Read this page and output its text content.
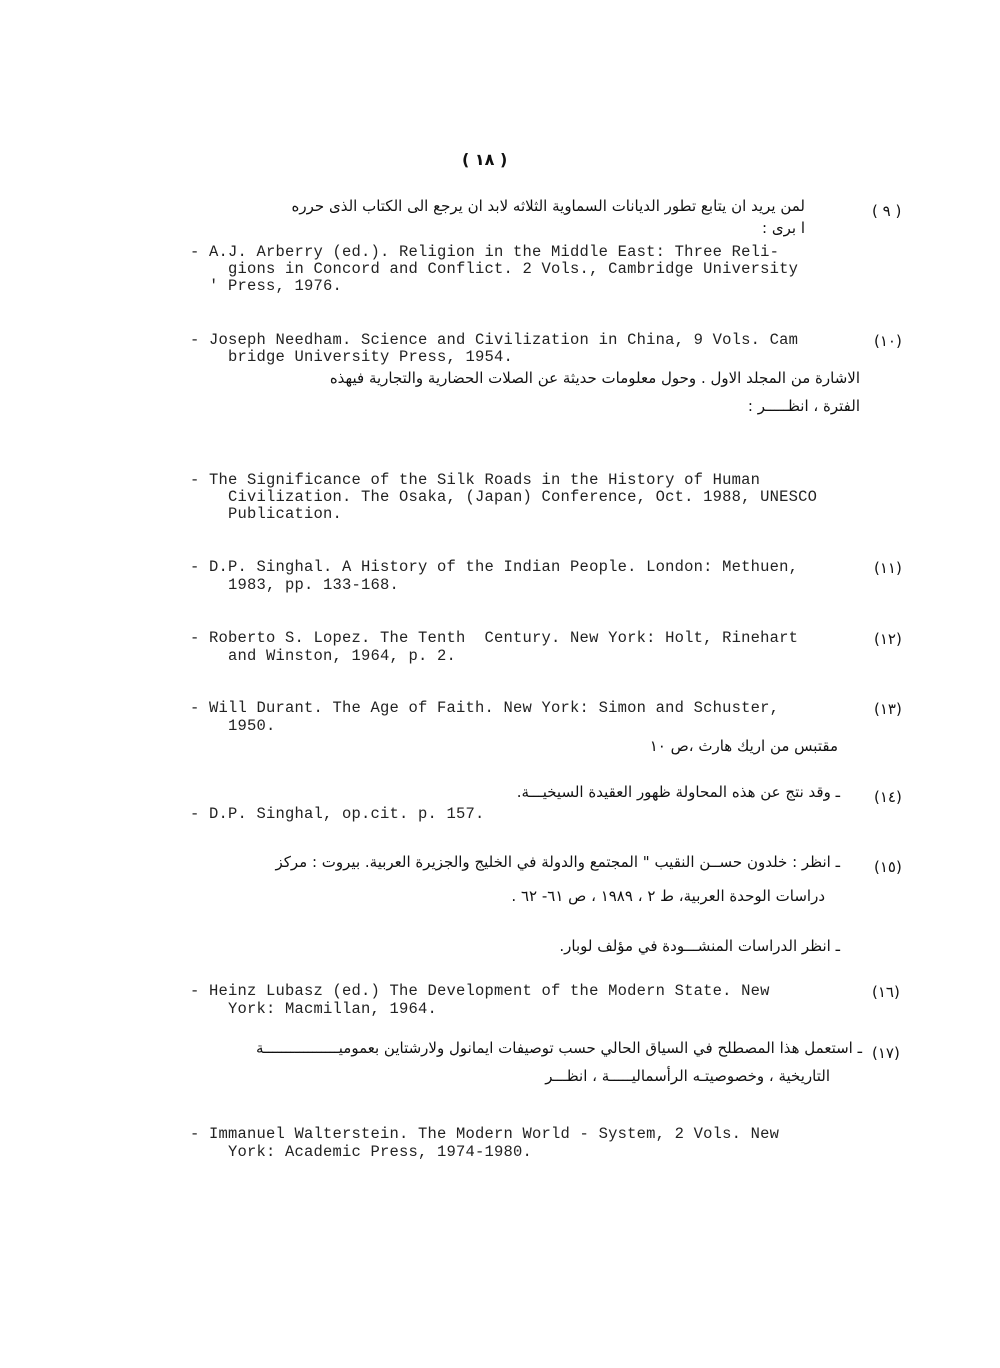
( ١٨ )
( ٩ )
لمن يريد ان يتابع تطور الديانات السماوية الثلاثه لابد ان يرجع الى الكتاب الذى حرره
ا برى :
- A.J. Arberry (ed.). Religion in the Middle East: Three Reli-
gions in Concord and Conflict. 2 Vols., Cambridge University
' Press, 1976.
- Joseph Needham. Science and Civilization in China, 9 Vols. Cam	(١٠)
bridge University Press, 1954.
الاشارة من المجلد الاول . وحول معلومات حديثة عن الصلات الحضارية والتجارية فيهذه
الفترة ، انظـــــر :
- The Significance of the Silk Roads in the History of Human
Civilization. The Osaka, (Japan) Conference, Oct. 1988, UNESCO
Publication.
- D.P. Singhal. A History of the Indian People. London: Methuen,	(١١)
1983, pp. 133-168.
- Roberto S. Lopez. The Tenth  Century. New York: Holt, Rinehart	(١٢)
and Winston, 1964, p. 2.
- Will Durant. The Age of Faith. New York: Simon and Schuster,	(١٣)
1950.
مقتبس من اريك هارث ،ص ١٠
(١٤)
ـ وقد نتج عن هذه المحاولة ظهور العقيدة السيخيـــة.
- D.P. Singhal, op.cit. p. 157.
(١٥)
ـ انظر : خلدون حســن النقيب " المجتمع والدولة في الخليج والجزيرة العربية. بيروت : مركز
دراسات الوحدة العربية، ط ٢ ، ١٩٨٩ ، ص ٦١- ٦٢ .
ـ انظر الدراسات المنشـــودة في مؤلف لوبار.
- Heinz Lubasz (ed.) The Development of the Modern State. New	(١٦)
York: Macmillan, 1964.
(١٧)
ـ استعمل هذا المصطلح في السياق الحالي حسب توصيفات ايمانول ولارشتاين بعموميـــــــــــــــــة
التاريخية ، وخصوصيتـه الرأسماليـــــة ، انظـــر
- Immanuel Walterstein. The Modern World - System, 2 Vols. New
York: Academic Press, 1974-1980.
